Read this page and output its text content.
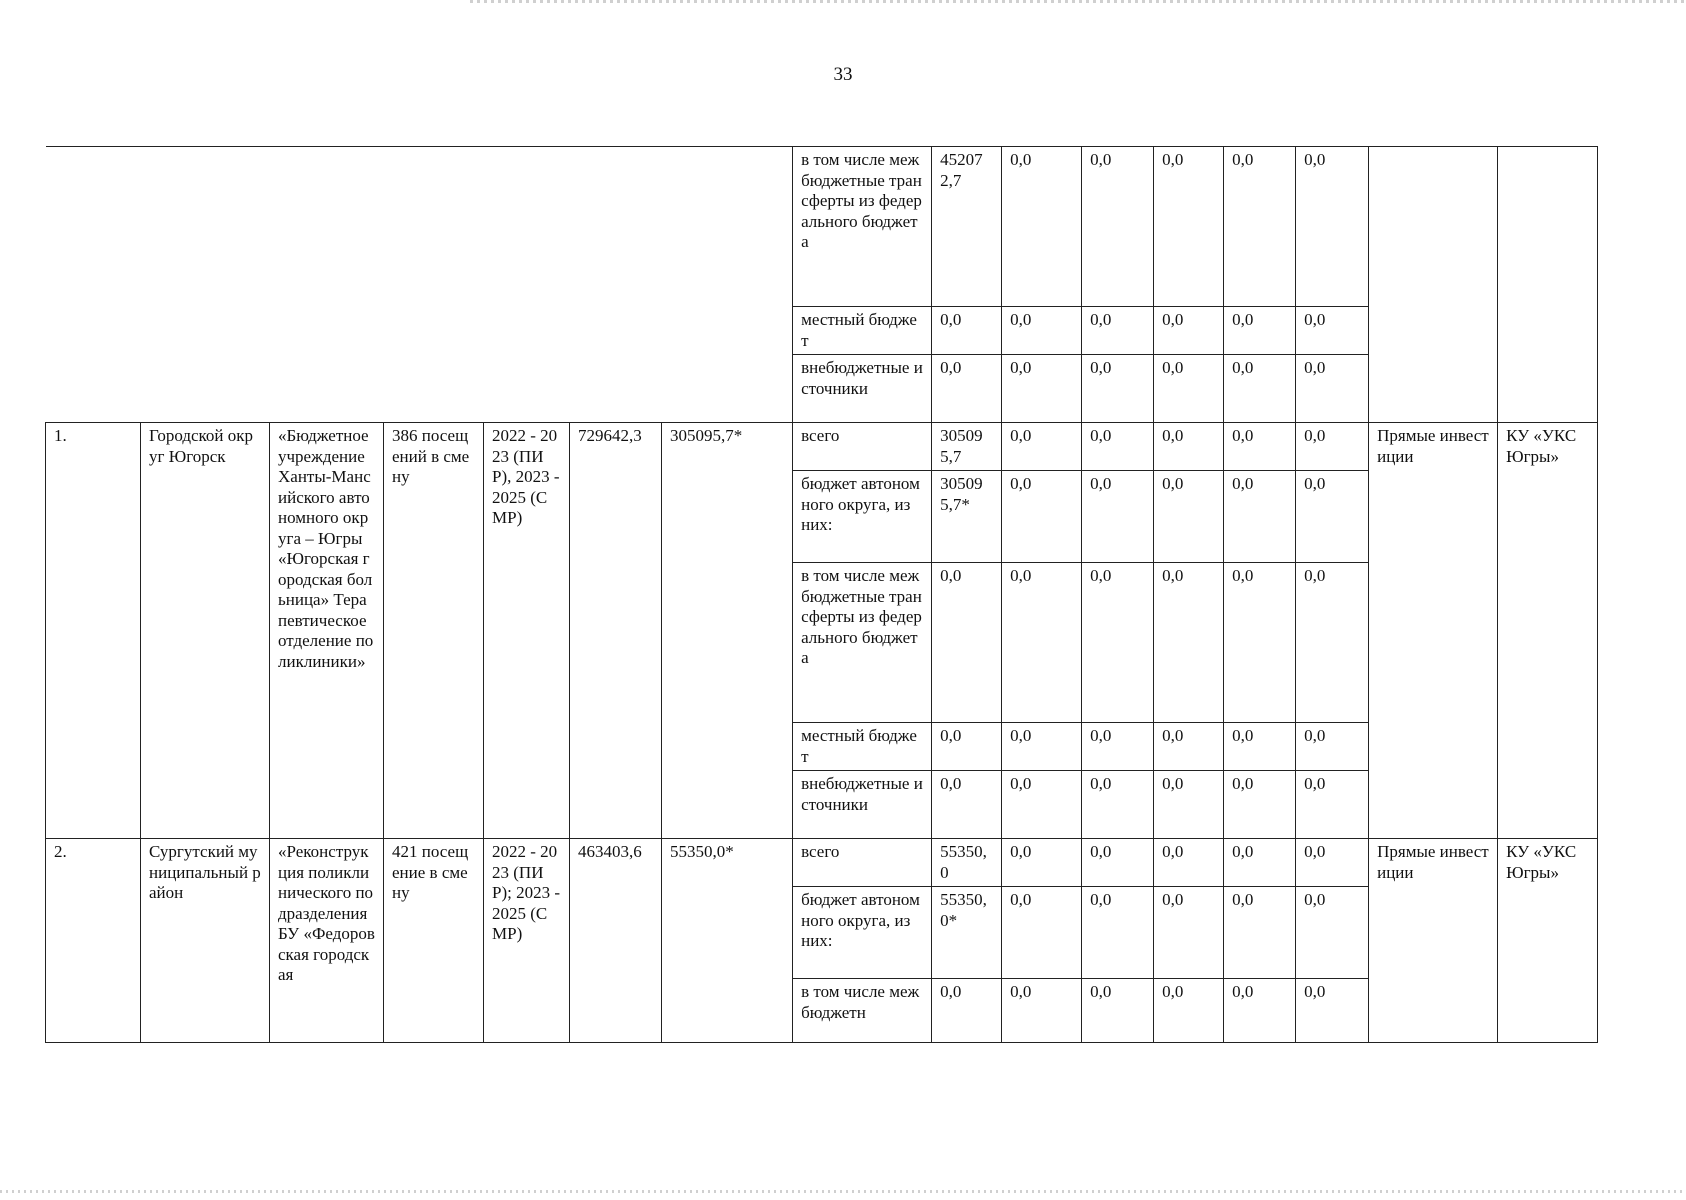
33
							в том числе межбюджетные трансферты из федерального бюджета	452072,7	0,0	0,0	0,0	0,0	0,0		
							местный бюджет	0,0	0,0	0,0	0,0	0,0	0,0		
							внебюджетные источники	0,0	0,0	0,0	0,0	0,0	0,0		
1.	Городской округ Югорск	«Бюджетное учреждение Ханты-Мансийского автономного округа – Югры «Югорская городская больница» Терапевтическое отделение поликлиники»	386 посещений в смену	2022 - 2023 (ПИР), 2023 - 2025 (СМР)	729642,3	305095,7*	всего	305095,7	0,0	0,0	0,0	0,0	0,0	Прямые инвестиции	КУ «УКС Югры»
							бюджет автономного округа, из них:	305095,7*	0,0	0,0	0,0	0,0	0,0		
							в том числе межбюджетные трансферты из федерального бюджета	0,0	0,0	0,0	0,0	0,0	0,0		
							местный бюджет	0,0	0,0	0,0	0,0	0,0	0,0		
							внебюджетные источники	0,0	0,0	0,0	0,0	0,0	0,0		
2.	Сургутский муниципальный район	«Реконструкция поликлинического подразделения БУ «Федоровская городская	421 посещение в смену	2022 - 2023 (ПИР); 2023 - 2025 (СМР)	463403,6	55350,0*	всего	55350,0	0,0	0,0	0,0	0,0	0,0	Прямые инвестиции	КУ «УКС Югры»
							бюджет автономного округа, из них:	55350,0*	0,0	0,0	0,0	0,0	0,0		
							в том числе межбюджетн	0,0	0,0	0,0	0,0	0,0	0,0		
